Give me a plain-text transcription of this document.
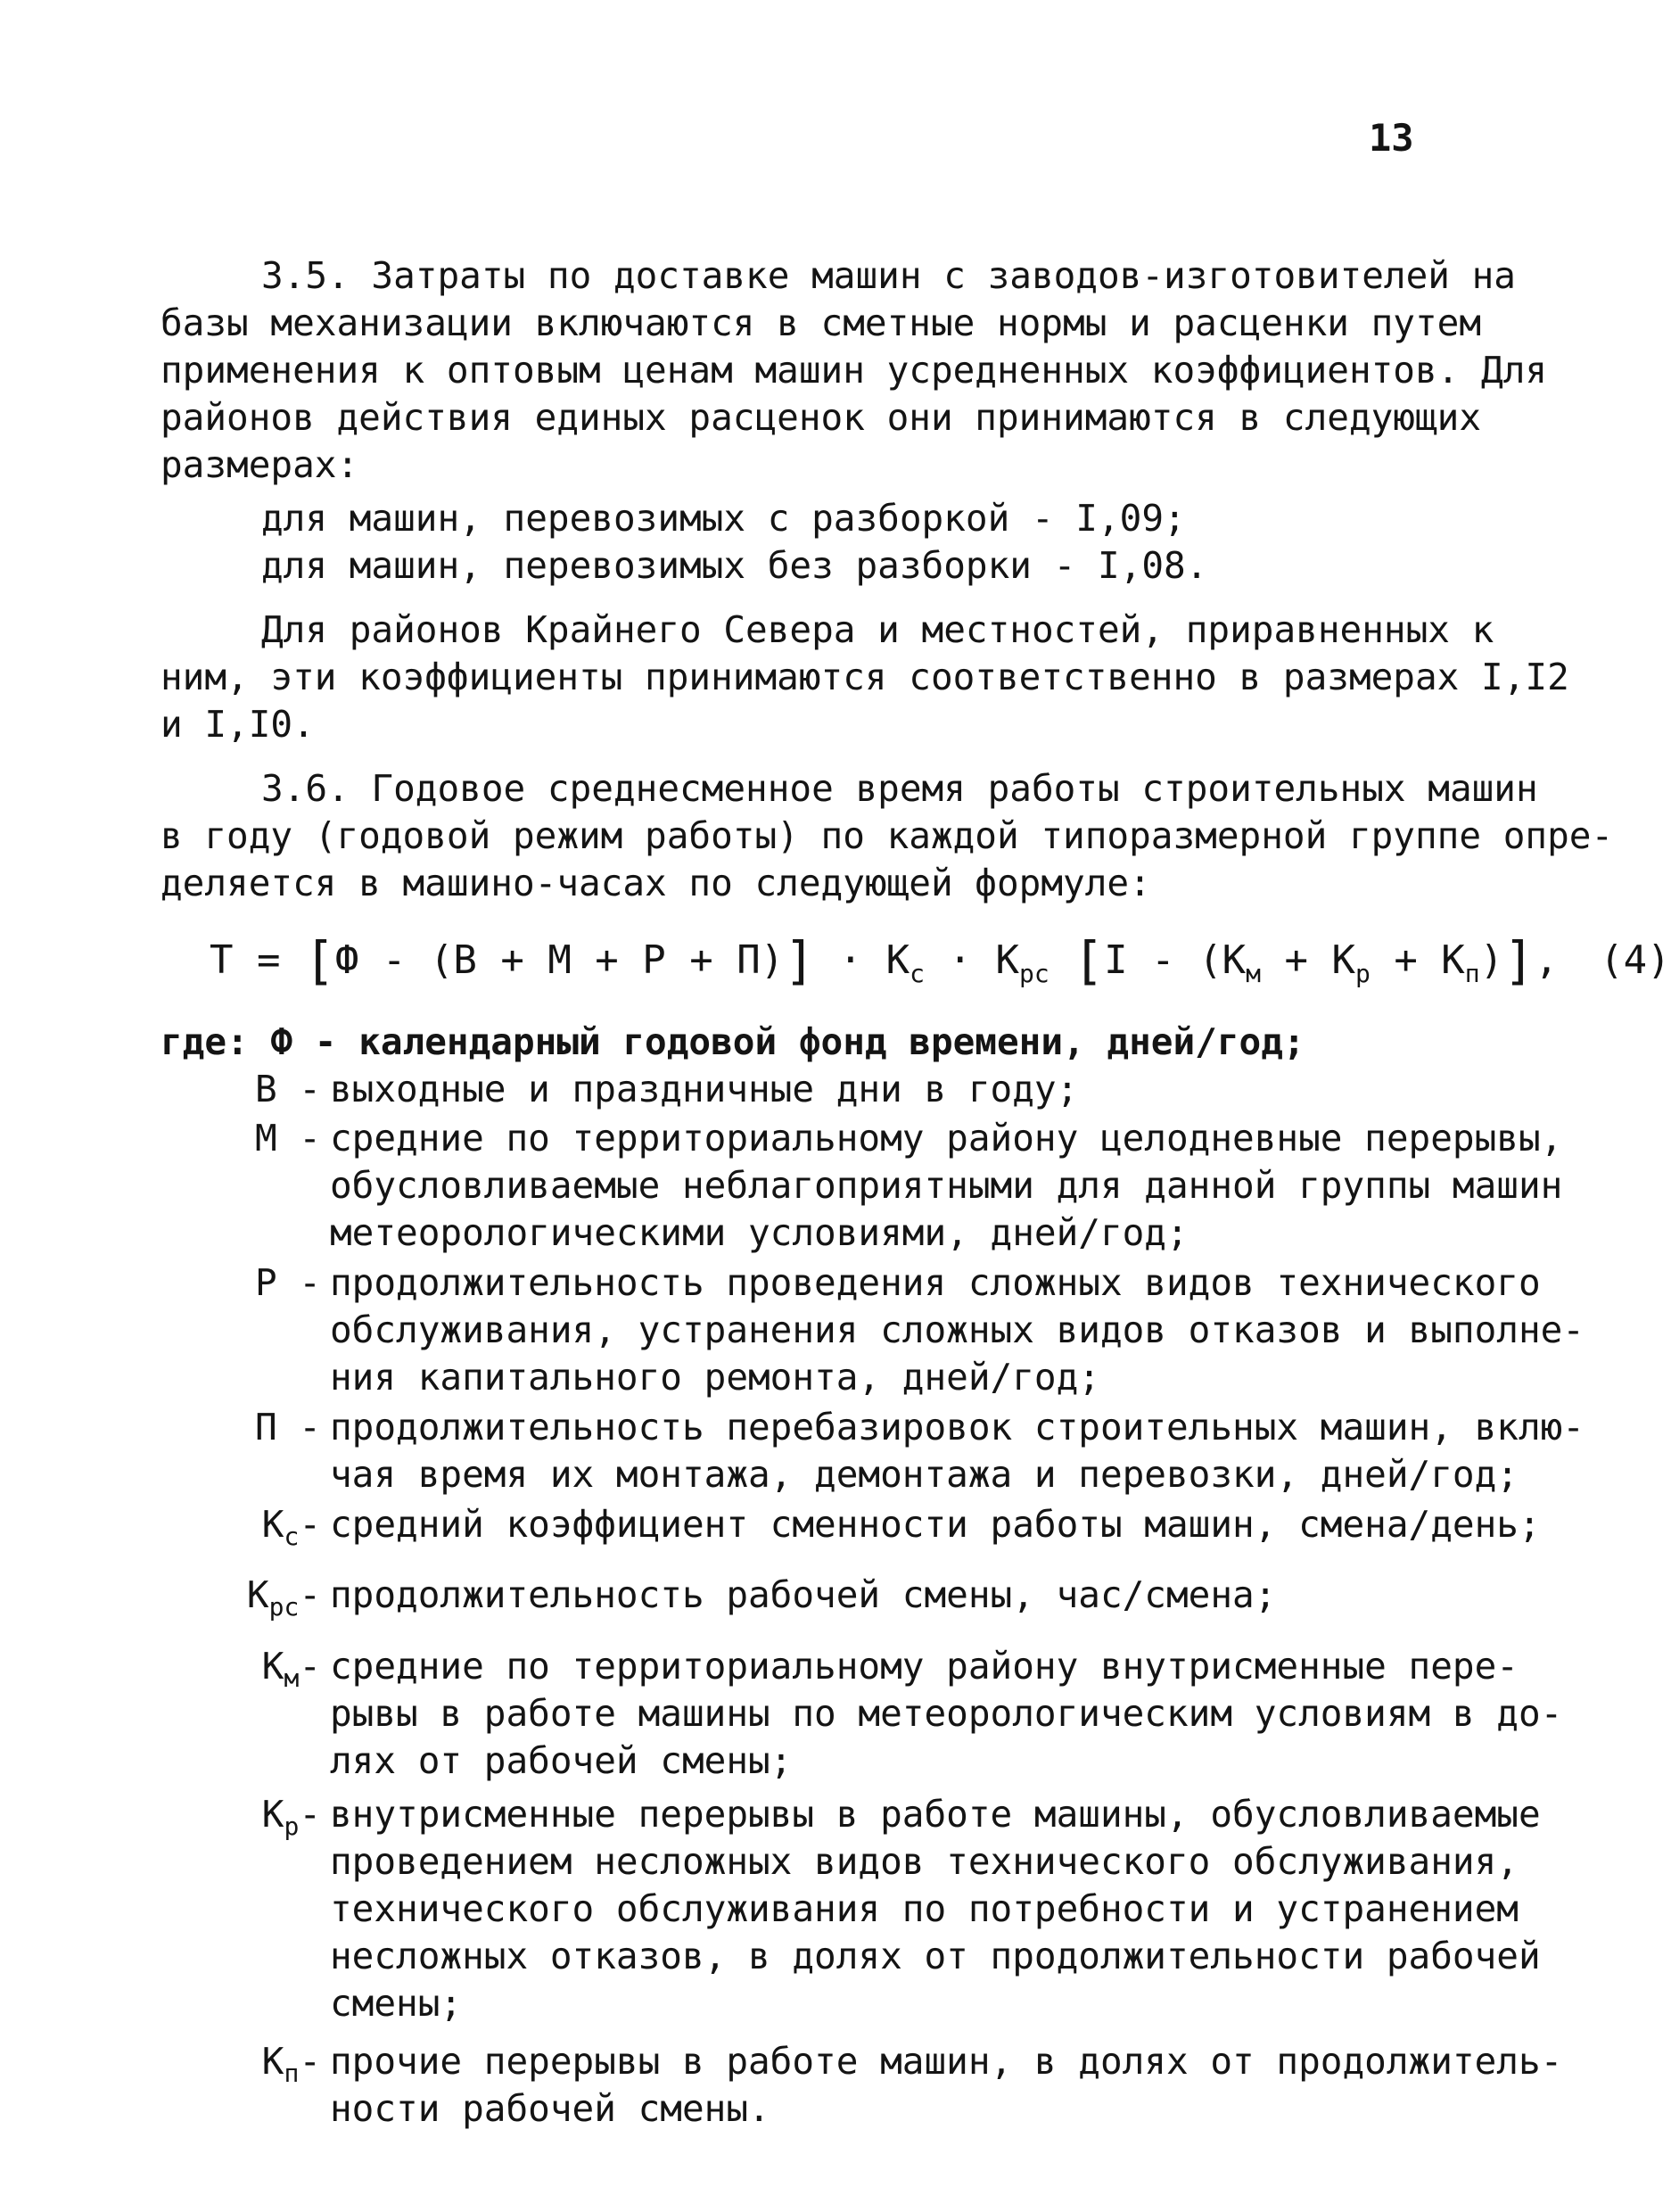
13
3.5. Затраты по доставке машин с заводов-изготовителей на
базы механизации включаются в сметные нормы и расценки путем
применения к оптовым ценам машин усредненных коэффициентов. Для
районов действия единых расценок они принимаются в следующих
размерах:
для машин, перевозимых с разборкой - I,09;
для машин, перевозимых без разборки - I,08.
Для районов Крайнего Севера и местностей, приравненных к
ним, эти коэффициенты принимаются соответственно в размерах I,I2
и I,I0.
3.6. Годовое среднесменное время работы строительных машин
в году (годовой режим работы) по каждой типоразмерной группе опре-
деляется в машино-часах по следующей формуле:
$T = [Ф - (В + М + Р + П)] \cdot К_с \cdot К_{рс}$ $[I - (К_м + К_р + К_п)]$, (4)
где: Ф - календарный годовой фонд времени, дней/год;
В - выходные и праздничные дни в году;
М - средние по территориальному району целодневные перерывы,
обусловливаемые неблагоприятными для данной группы машин
метеорологическими условиями, дней/год;
Р - продолжительность проведения сложных видов технического
обслуживания, устранения сложных видов отказов и выполне-
ния капитального ремонта, дней/год;
П - продолжительность перебазировок строительных машин, вклю-
чая время их монтажа, демонтажа и перевозки, дней/год;
$К_с-$ средний коэффициент сменности работы машин, смена/день;
$К_{рс}-$ продолжительность рабочей смены, час/смена;
$К_м-$ средние по территориальному району внутрисменные пере-
рывы в работе машины по метеорологическим условиям в до-
лях от рабочей смены;
$К_р-$ внутрисменные перерывы в работе машины, обусловливаемые
проведением несложных видов технического обслуживания,
технического обслуживания по потребности и устранением
несложных отказов, в долях от продолжительности рабочей
смены;
$К_п-$ прочие перерывы в работе машин, в долях от продолжитель-
ности рабочей смены.
